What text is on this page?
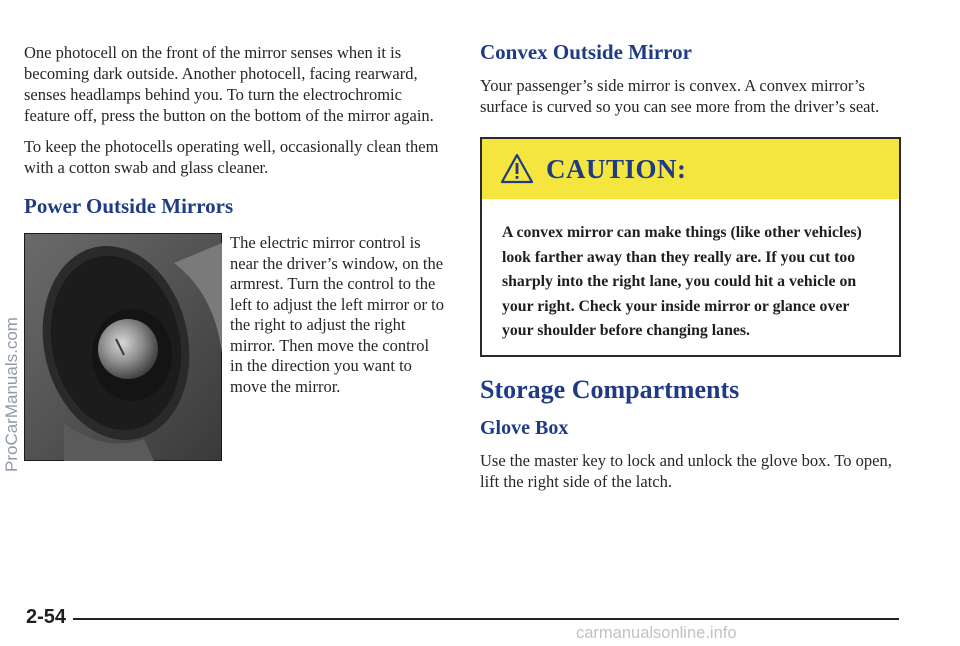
One photocell on the front of the mirror senses when it is becoming dark outside. Another photocell, facing rearward, senses headlamps behind you. To turn the electrochromic feature off, press the button on the bottom of the mirror again.

To keep the photocells operating well, occasionally clean them with a cotton swab and glass cleaner.

Power Outside Mirrors

The electric mirror control is near the driver’s window, on the armrest. Turn the control to the left to adjust the left mirror or to the right to adjust the right mirror. Then move the control in the direction you want to move the mirror.

Convex Outside Mirror

Your passenger’s side mirror is convex. A convex mirror’s surface is curved so you can see more from the driver’s seat.

CAUTION:
A convex mirror can make things (like other vehicles) look farther away than they really are. If you cut too sharply into the right lane, you could hit a vehicle on your right. Check your inside mirror or glance over your shoulder before changing lanes.
Storage Compartments
Glove Box

Use the master key to lock and unlock the glove box. To open, lift the right side of the latch.

ProCarManuals.com
2-54
carmanualsonline.info
